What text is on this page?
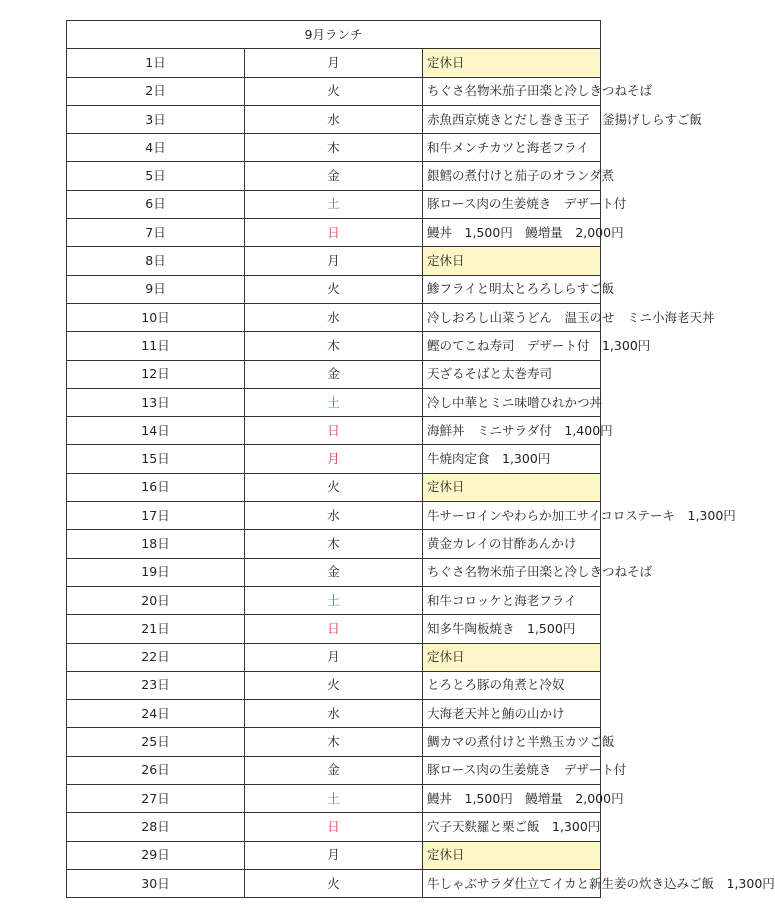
9月ランチ		
1日	月	定休日
2日	火	ちぐさ名物米茄子田楽と冷しきつねそば
3日	水	赤魚西京焼きとだし巻き玉子　釜揚げしらすご飯
4日	木	和牛メンチカツと海老フライ
5日	金	銀鱈の煮付けと茄子のオランダ煮
6日	土	豚ロース肉の生姜焼き　デザート付
7日	日	鰻丼　1,500円　鰻増量　2,000円
8日	月	定休日
9日	火	鯵フライと明太とろろしらすご飯
10日	水	冷しおろし山菜うどん　温玉のせ　ミニ小海老天丼
11日	木	鰹のてこね寿司　デザート付　1,300円
12日	金	天ざるそばと太巻寿司
13日	土	冷し中華とミニ味噌ひれかつ丼
14日	日	海鮮丼　ミニサラダ付　1,400円
15日	月	牛焼肉定食　1,300円
16日	火	定休日
17日	水	牛サーロインやわらか加工サイコロステーキ　1,300円
18日	木	黄金カレイの甘酢あんかけ
19日	金	ちぐさ名物米茄子田楽と冷しきつねそば
20日	土	和牛コロッケと海老フライ
21日	日	知多牛陶板焼き　1,500円
22日	月	定休日
23日	火	とろとろ豚の角煮と冷奴
24日	水	大海老天丼と鮪の山かけ
25日	木	鯛カマの煮付けと半熟玉カツご飯
26日	金	豚ロース肉の生姜焼き　デザート付
27日	土	鰻丼　1,500円　鰻増量　2,000円
28日	日	穴子天麩羅と栗ご飯　1,300円
29日	月	定休日
30日	火	牛しゃぶサラダ仕立てイカと新生姜の炊き込みご飯　1,300円
